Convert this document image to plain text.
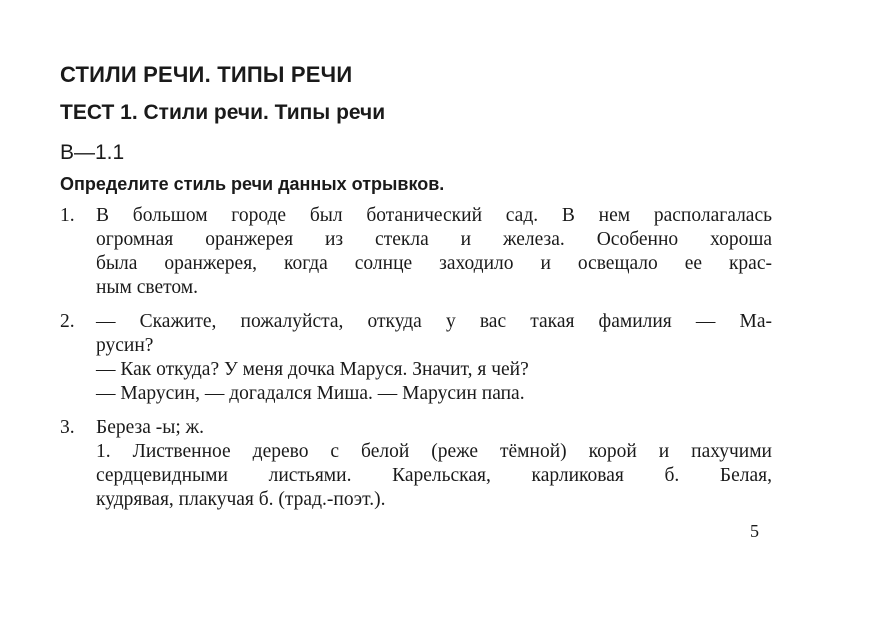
СТИЛИ РЕЧИ. ТИПЫ РЕЧИ
ТЕСТ 1. Стили речи. Типы речи
В—1.1
Определите стиль речи данных отрывков.
1. В большом городе был ботанический сад. В нем располагалась
огромная оранжерея из стекла и железа. Особенно хороша
была оранжерея, когда солнце заходило и освещало ее крас-
ным светом.
2. — Скажите, пожалуйста, откуда у вас такая фамилия — Ма-
русин?
— Как откуда? У меня дочка Маруся. Значит, я чей?
— Марусин, — догадался Миша. — Марусин папа.
3. Береза -ы; ж.
1. Лиственное дерево с белой (реже тёмной) корой и пахучими
сердцевидными листьями. Карельская, карликовая б. Белая,
кудрявая, плакучая б. (трад.-поэт.).
5
